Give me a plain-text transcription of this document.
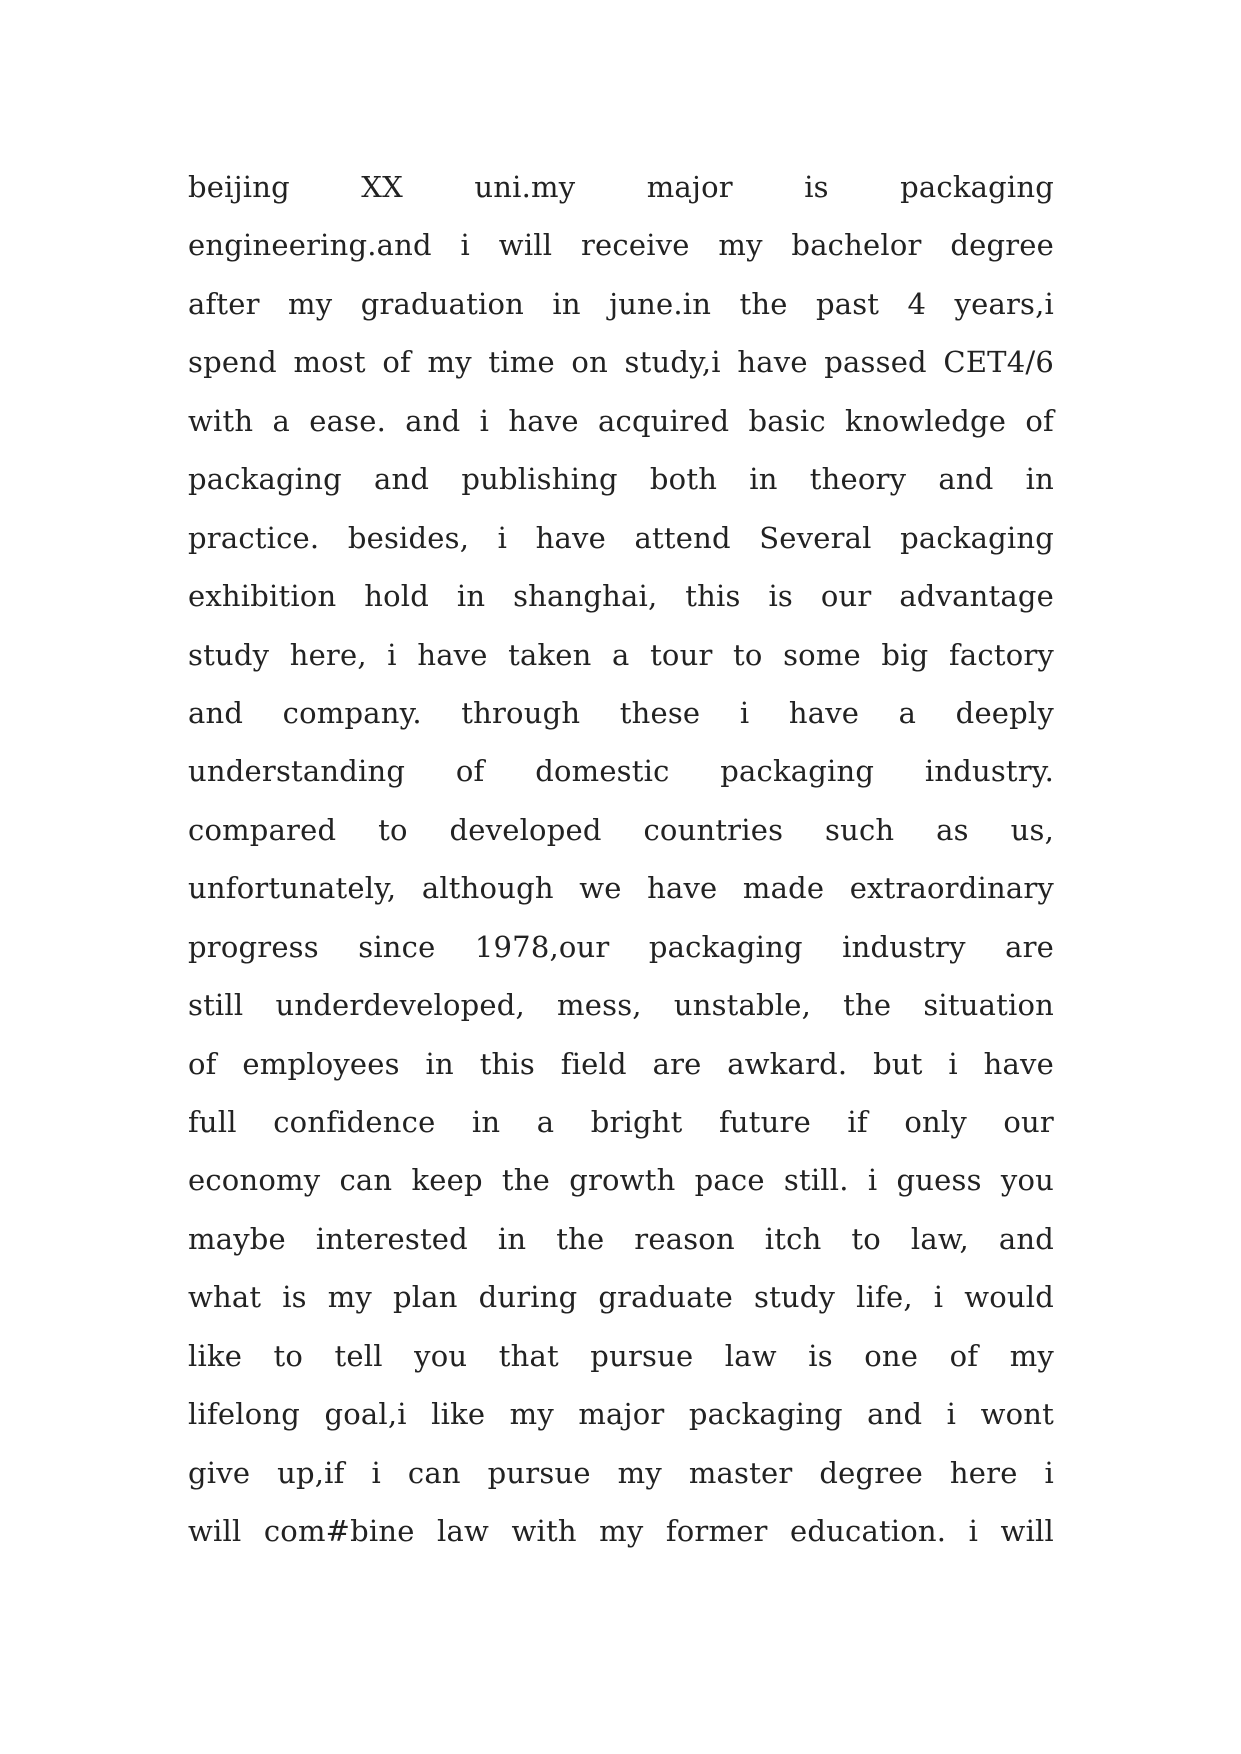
beijing XX uni.my major is packaging
engineering.and i will receive my bachelor degree
after my graduation in june.in the past 4 years,i
spend most of my time on study,i have passed CET4/6
with a ease. and i have acquired basic knowledge of
packaging and publishing both in theory and in
practice. besides, i have attend Several packaging
exhibition hold in shanghai, this is our advantage
study here, i have taken a tour to some big factory
and company. through these i have a deeply
understanding of domestic packaging industry.
compared to developed countries such as us,
unfortunately, although we have made extraordinary
progress since 1978,our packaging industry are
still underdeveloped, mess, unstable, the situation
of employees in this field are awkard. but i have
full confidence in a bright future if only our
economy can keep the growth pace still. i guess you
maybe interested in the reason itch to law, and
what is my plan during graduate study life, i would
like to tell you that pursue law is one of my
lifelong goal,i like my major packaging and i wont
give up,if i can pursue my master degree here i
will com#bine law with my former education. i will
